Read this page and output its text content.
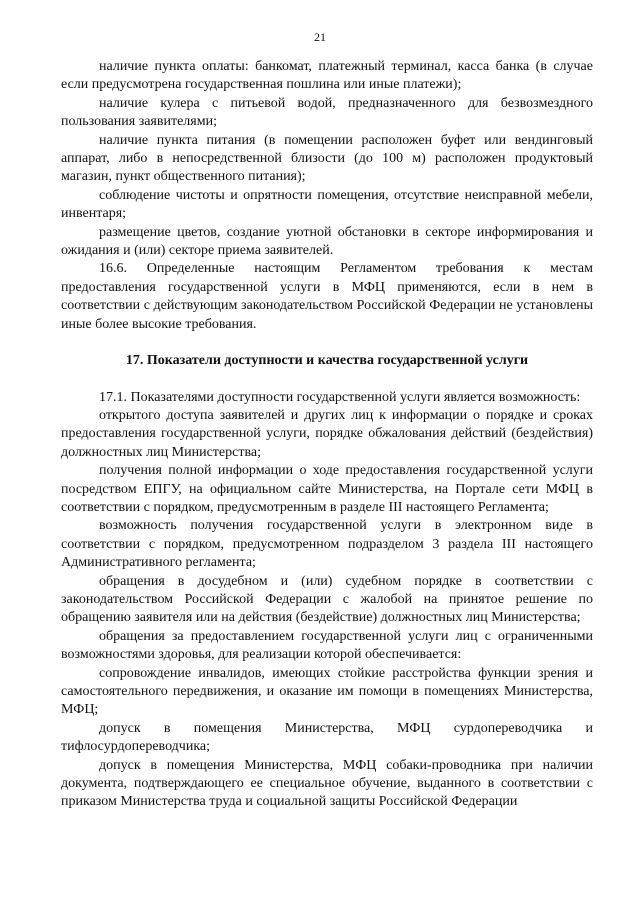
21

наличие пункта оплаты: банкомат, платежный терминал, касса банка (в случае если предусмотрена государственная пошлина или иные платежи);

наличие кулера с питьевой водой, предназначенного для безвозмездного пользования заявителями;

наличие пункта питания (в помещении расположен буфет или вендинговый аппарат, либо в непосредственной близости (до 100 м) расположен продуктовый магазин, пункт общественного питания);

соблюдение чистоты и опрятности помещения, отсутствие неисправной мебели, инвентаря;

размещение цветов, создание уютной обстановки в секторе информирования и ожидания и (или) секторе приема заявителей.

16.6. Определенные настоящим Регламентом требования к местам предоставления государственной услуги в МФЦ применяются, если в нем в соответствии с действующим законодательством Российской Федерации не установлены иные более высокие требования.

17. Показатели доступности и качества государственной услуги

17.1. Показателями доступности государственной услуги является возможность:

открытого доступа заявителей и других лиц к информации о порядке и сроках предоставления государственной услуги, порядке обжалования действий (бездействия) должностных лиц Министерства;

получения полной информации о ходе предоставления государственной услуги посредством ЕПГУ, на официальном сайте Министерства, на Портале сети МФЦ в соответствии с порядком, предусмотренным в разделе III настоящего Регламента;

возможность получения государственной услуги в электронном виде в соответствии с порядком, предусмотренном подразделом 3 раздела III настоящего Административного регламента;

обращения в досудебном и (или) судебном порядке в соответствии с законодательством Российской Федерации с жалобой на принятое решение по обращению заявителя или на действия (бездействие) должностных лиц Министерства;

обращения за предоставлением государственной услуги лиц с ограниченными возможностями здоровья, для реализации которой обеспечивается:

сопровождение инвалидов, имеющих стойкие расстройства функции зрения и самостоятельного передвижения, и оказание им помощи в помещениях Министерства, МФЦ;

допуск в помещения Министерства, МФЦ сурдопереводчика и тифлосурдопереводчика;

допуск в помещения Министерства, МФЦ собаки-проводника при наличии документа, подтверждающего ее специальное обучение, выданного в соответствии с приказом Министерства труда и социальной защиты Российской Федерации
